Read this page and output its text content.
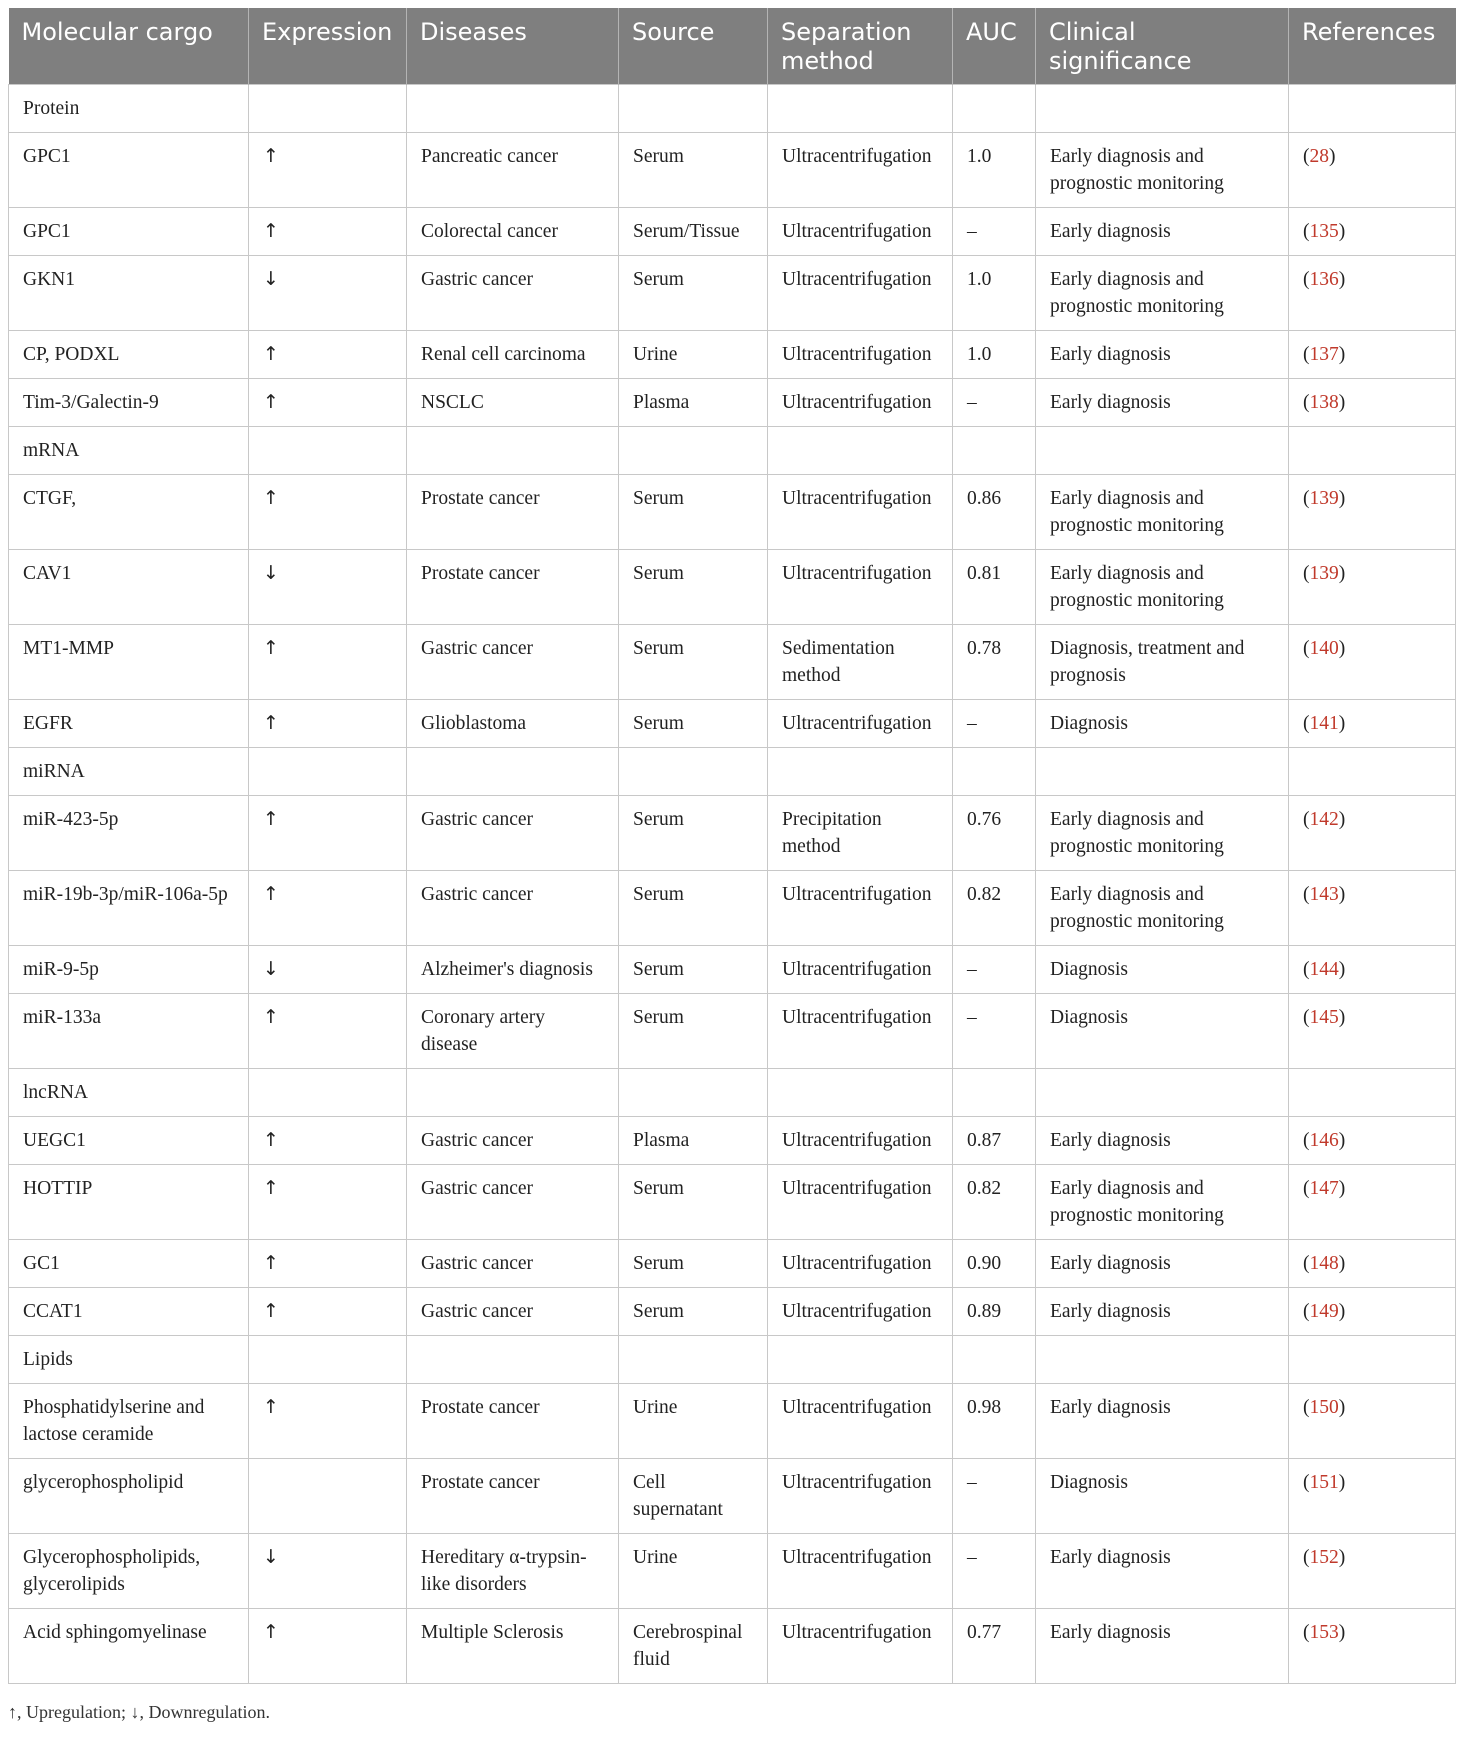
Molecular cargo	Expression	Diseases	Source	Separation method	AUC	Clinical significance	References
Protein							
GPC1	↑	Pancreatic cancer	Serum	Ultracentrifugation	1.0	Early diagnosis and prognostic monitoring	(28)
GPC1	↑	Colorectal cancer	Serum/Tissue	Ultracentrifugation	–	Early diagnosis	(135)
GKN1	↓	Gastric cancer	Serum	Ultracentrifugation	1.0	Early diagnosis and prognostic monitoring	(136)
CP, PODXL	↑	Renal cell carcinoma	Urine	Ultracentrifugation	1.0	Early diagnosis	(137)
Tim-3/Galectin-9	↑	NSCLC	Plasma	Ultracentrifugation	–	Early diagnosis	(138)
mRNA							
CTGF,	↑	Prostate cancer	Serum	Ultracentrifugation	0.86	Early diagnosis and prognostic monitoring	(139)
CAV1	↓	Prostate cancer	Serum	Ultracentrifugation	0.81	Early diagnosis and prognostic monitoring	(139)
MT1-MMP	↑	Gastric cancer	Serum	Sedimentation method	0.78	Diagnosis, treatment and prognosis	(140)
EGFR	↑	Glioblastoma	Serum	Ultracentrifugation	–	Diagnosis	(141)
miRNA							
miR-423-5p	↑	Gastric cancer	Serum	Precipitation method	0.76	Early diagnosis and prognostic monitoring	(142)
miR-19b-3p/miR-106a-5p	↑	Gastric cancer	Serum	Ultracentrifugation	0.82	Early diagnosis and prognostic monitoring	(143)
miR-9-5p	↓	Alzheimer's diagnosis	Serum	Ultracentrifugation	–	Diagnosis	(144)
miR-133a	↑	Coronary artery disease	Serum	Ultracentrifugation	–	Diagnosis	(145)
lncRNA							
UEGC1	↑	Gastric cancer	Plasma	Ultracentrifugation	0.87	Early diagnosis	(146)
HOTTIP	↑	Gastric cancer	Serum	Ultracentrifugation	0.82	Early diagnosis and prognostic monitoring	(147)
GC1	↑	Gastric cancer	Serum	Ultracentrifugation	0.90	Early diagnosis	(148)
CCAT1	↑	Gastric cancer	Serum	Ultracentrifugation	0.89	Early diagnosis	(149)
Lipids							
Phosphatidylserine and lactose ceramide	↑	Prostate cancer	Urine	Ultracentrifugation	0.98	Early diagnosis	(150)
glycerophospholipid		Prostate cancer	Cell supernatant	Ultracentrifugation	–	Diagnosis	(151)
Glycerophospholipids, glycerolipids	↓	Hereditary α-trypsin-like disorders	Urine	Ultracentrifugation	–	Early diagnosis	(152)
Acid sphingomyelinase	↑	Multiple Sclerosis	Cerebrospinal fluid	Ultracentrifugation	0.77	Early diagnosis	(153)
↑, Upregulation; ↓, Downregulation.
